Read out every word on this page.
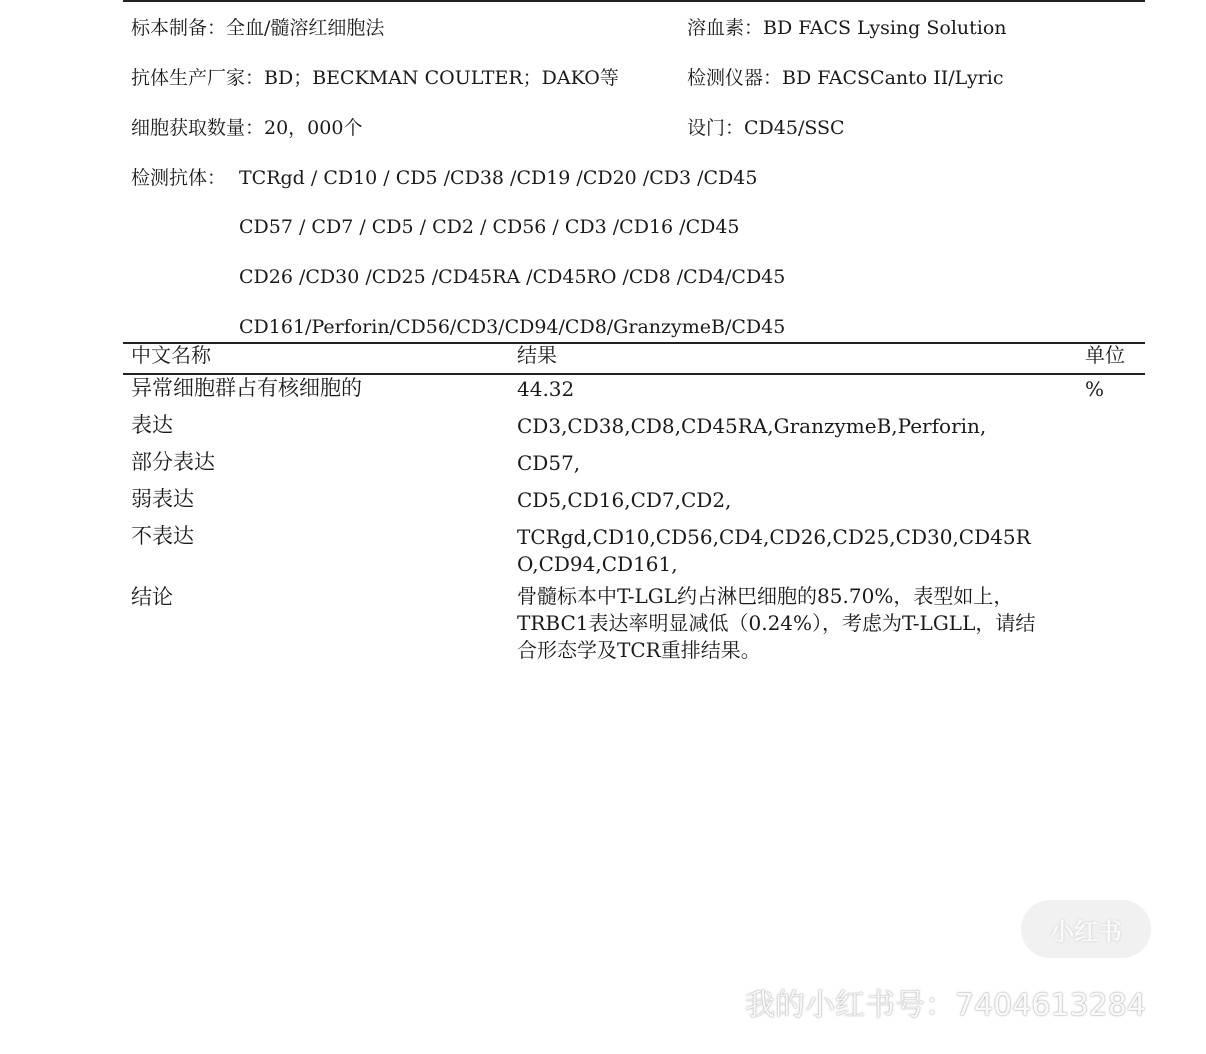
标本制备：全血/髓溶红细胞法	溶血素：BD FACS Lysing Solution
抗体生产厂家：BD；BECKMAN COULTER；DAKO等	检测仪器：BD FACSCanto II/Lyric
细胞获取数量：20，000个	设门：CD45/SSC
检测抗体： TCRgd / CD10 / CD5 /CD38 /CD19 /CD20 /CD3 /CD45
CD57 / CD7 / CD5 / CD2 / CD56 / CD3 /CD16 /CD45
CD26 /CD30 /CD25 /CD45RA /CD45RO /CD8 /CD4/CD45
CD161/Perforin/CD56/CD3/CD94/CD8/GranzymeB/CD45
中文名称	结果	单位
异常细胞群占有核细胞的	44.32	%
表达	CD3,CD38,CD8,CD45RA,GranzymeB,Perforin,
部分表达	CD57,
弱表达	CD5,CD16,CD7,CD2,
不表达	TCRgd,CD10,CD56,CD4,CD26,CD25,CD30,CD45RO,CD94,CD161,
结论	骨髓标本中T-LGL约占淋巴细胞的85.70%，表型如上，TRBC1表达率明显减低（0.24%），考虑为T-LGLL，请结合形态学及TCR重排结果。
小红书
我的小红书号：7404613284
